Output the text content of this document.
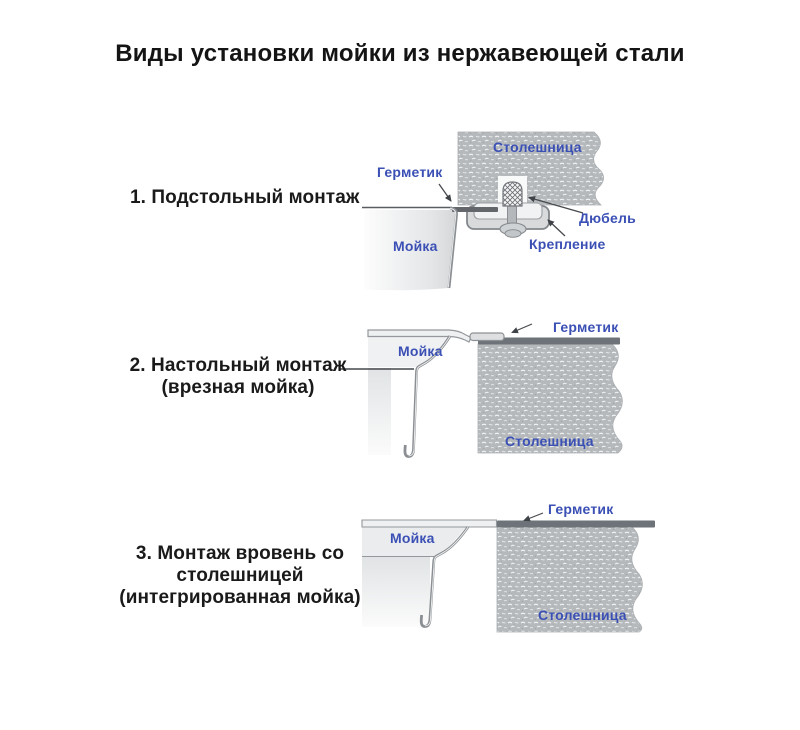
Виды установки мойки из нержавеющей стали
1. Подстольный монтаж
Столешница
Герметик
Дюбель
Крепление
Мойка
2. Настольный монтаж
(врезная мойка)
Мойка
Герметик
Столешница
3. Монтаж вровень со
столешницей
(интегрированная мойка)
Мойка
Герметик
Столешница
